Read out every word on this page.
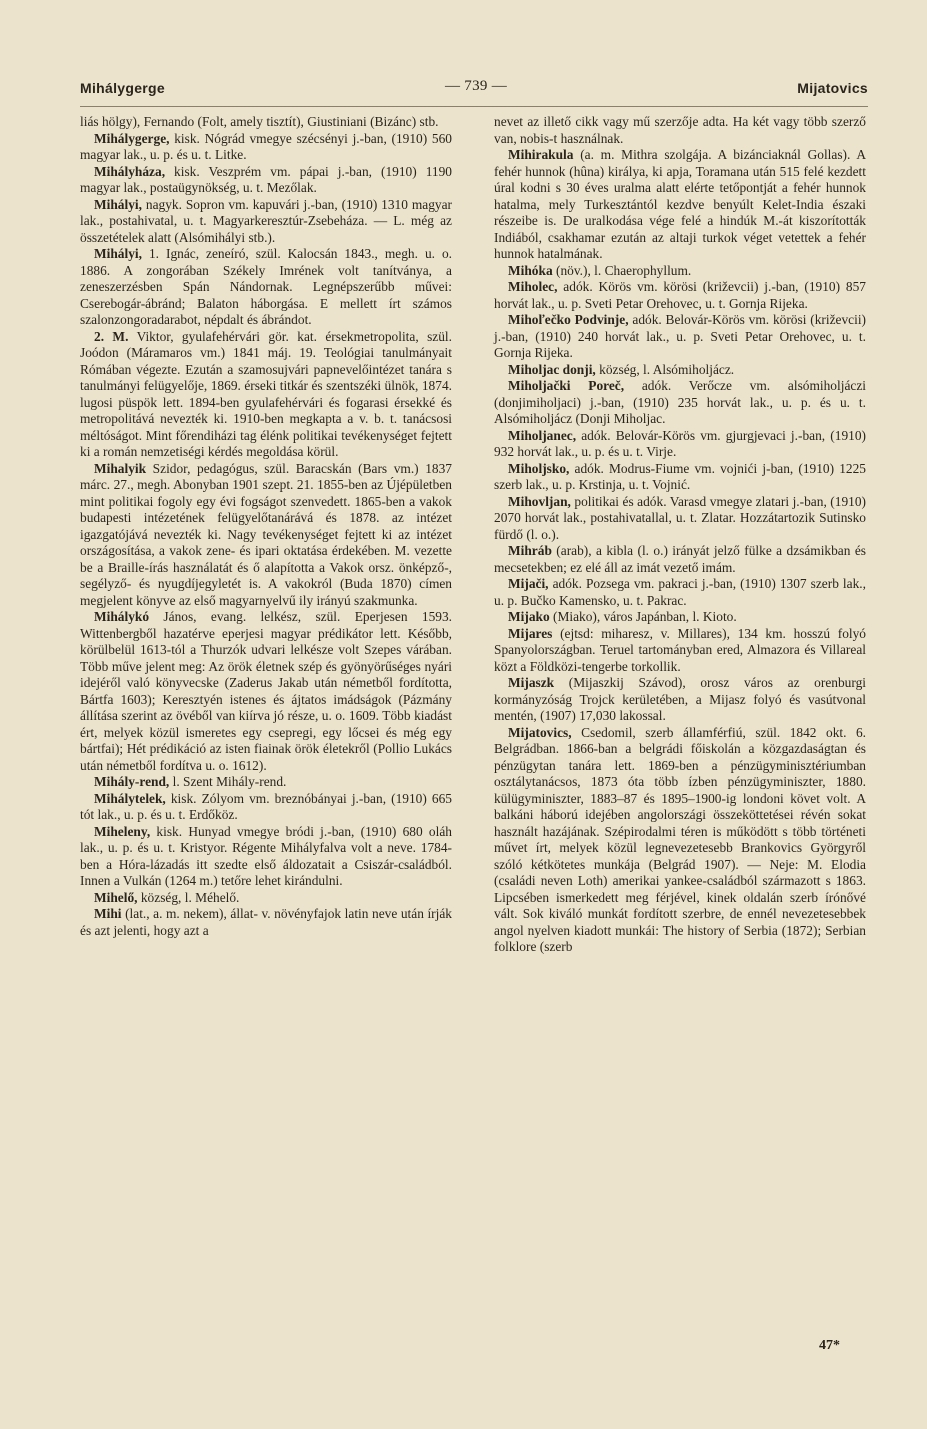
Mihálygerge	— 739 —	Mijatovics

liás hölgy), Fernando (Folt, amely tisztít), Giustiniani (Bizánc) stb.

Mihálygerge, kisk. Nógrád vmegye szécsényi j.-ban, (1910) 560 magyar lak., u. p. és u. t. Litke.

Mihályháza, kisk. Veszprém vm. pápai j.-ban, (1910) 1190 magyar lak., postaügynökség, u. t. Mezőlak.

Mihályi, nagyk. Sopron vm. kapuvári j.-ban, (1910) 1310 magyar lak., postahivatal, u. t. Magyarkeresztúr-Zsebeháza. — L. még az összetételek alatt (Alsómihályi stb.).

Mihályi, 1. Ignác, zeneíró, szül. Kalocsán 1843., megh. u. o. 1886. A zongorában Székely Imrének volt tanítványa, a zeneszerzésben Spán Nándornak. Legnépszerűbb művei: Cserebogár-ábránd; Balaton háborgása. E mellett írt számos szalonzongoradarabot, népdalt és ábrándot.

2. M. Viktor, gyulafehérvári gör. kat. érsekmetropolita, szül. Joódon (Máramaros vm.) 1841 máj. 19. Teológiai tanulmányait Rómában végezte. Ezután a szamosujvári papnevelőintézet tanára s tanulmányi felügyelője, 1869. érseki titkár és szentszéki ülnök, 1874. lugosi püspök lett. 1894-ben gyulafehérvári és fogarasi érsekké és metropolitává nevezték ki. 1910-ben megkapta a v. b. t. tanácsosi méltóságot. Mint főrendiházi tag élénk politikai tevékenységet fejtett ki a román nemzetiségi kérdés megoldása körül.

Mihalyik Szidor, pedagógus, szül. Baracskán (Bars vm.) 1837 márc. 27., megh. Abonyban 1901 szept. 21. 1855-ben az Újépületben mint politikai fogoly egy évi fogságot szenvedett. 1865-ben a vakok budapesti intézetének felügyelőtanárává és 1878. az intézet igazgatójává nevezték ki. Nagy tevékenységet fejtett ki az intézet országosítása, a vakok zene- és ipari oktatása érdekében. M. vezette be a Braille-írás használatát és ő alapította a Vakok orsz. önképző-, segélyző- és nyugdíjegyletét is. A vakokról (Buda 1870) címen megjelent könyve az első magyarnyelvű ily irányú szakmunka.

Mihálykó János, evang. lelkész, szül. Eperjesen 1593. Wittenbergből hazatérve eperjesi magyar prédikátor lett. Később, körülbelül 1613-tól a Thurzók udvari lelkésze volt Szepes várában. Több műve jelent meg: Az örök életnek szép és gyönyörűséges nyári idejéről való könyvecske (Zaderus Jakab után németből fordította, Bártfa 1603); Keresztyén istenes és ájtatos imádságok (Pázmány állítása szerint az övéből van kiírva jó része, u. o. 1609. Több kiadást ért, melyek közül ismeretes egy csepregi, egy lőcsei és még egy bártfai); Hét prédikáció az isten fiainak örök életekről (Pollio Lukács után németből fordítva u. o. 1612).

Mihály-rend, l. Szent Mihály-rend.

Mihálytelek, kisk. Zólyom vm. breznóbányai j.-ban, (1910) 665 tót lak., u. p. és u. t. Erdőköz.

Miheleny, kisk. Hunyad vmegye bródi j.-ban, (1910) 680 oláh lak., u. p. és u. t. Kristyor. Régente Mihályfalva volt a neve. 1784-ben a Hóra-lázadás itt szedte első áldozatait a Csiszár-családból. Innen a Vulkán (1264 m.) tetőre lehet kirándulni.

Mihelő, község, l. Méhelő.

Mihi (lat., a. m. nekem), állat- v. növényfajok latin neve után írják és azt jelenti, hogy azt a

nevet az illető cikk vagy mű szerzője adta. Ha két vagy több szerző van, nobis-t használnak.

Mihirakula (a. m. Mithra szolgája. A bizánciaknál Gollas). A fehér hunnok (hûna) királya, ki apja, Toramana után 515 felé kezdett úral kodni s 30 éves uralma alatt elérte tetőpontját a fehér hunnok hatalma, mely Turkesztántól kezdve benyúlt Kelet-India északi részeibe is. De uralkodása vége felé a hindúk M.-át kiszorították Indiából, csakhamar ezután az altaji turkok véget vetettek a fehér hunnok hatalmának.

Mihóka (növ.), l. Chaerophyllum.

Miholec, adók. Körös vm. körösi (križevcii) j.-ban, (1910) 857 horvát lak., u. p. Sveti Petar Orehovec, u. t. Gornja Rijeka.

Mihoľečko Podvinje, adók. Belovár-Körös vm. körösi (križevcii) j.-ban, (1910) 240 horvát lak., u. p. Sveti Petar Orehovec, u. t. Gornja Rijeka.

Miholjac donji, község, l. Alsómiholjácz.

Miholjački Poreč, adók. Verőcze vm. alsómiholjáczi (donjimiholjaci) j.-ban, (1910) 235 horvát lak., u. p. és u. t. Alsómiholjácz (Donji Miholjac.

Miholjanec, adók. Belovár-Körös vm. gjurgjevaci j.-ban, (1910) 932 horvát lak., u. p. és u. t. Virje.

Miholjsko, adók. Modrus-Fiume vm. vojnići j-ban, (1910) 1225 szerb lak., u. p. Krstinja, u. t. Vojnić.

Mihovljan, politikai és adók. Varasd vmegye zlatari j.-ban, (1910) 2070 horvát lak., postahivatallal, u. t. Zlatar. Hozzátartozik Sutinsko fürdő (l. o.).

Mihráb (arab), a kibla (l. o.) irányát jelző fülke a dzsámikban és mecsetekben; ez elé áll az imát vezető imám.

Mijači, adók. Pozsega vm. pakraci j.-ban, (1910) 1307 szerb lak., u. p. Bučko Kamensko, u. t. Pakrac.

Mijako (Miako), város Japánban, l. Kioto.

Mijares (ejtsd: miharesz, v. Millares), 134 km. hosszú folyó Spanyolországban. Teruel tartományban ered, Almazora és Villareal közt a Földközi-tengerbe torkollik.

Mijaszk (Mijaszkij Szávod), orosz város az orenburgi kormányzóság Trojck kerületében, a Mijasz folyó és vasútvonal mentén, (1907) 17,030 lakossal.

Mijatovics, Csedomil, szerb államférfiú, szül. 1842 okt. 6. Belgrádban. 1866-ban a belgrádi főiskolán a közgazdaságtan és pénzügytan tanára lett. 1869-ben a pénzügyminisztériumban osztálytanácsos, 1873 óta több ízben pénzügyminiszter, 1880. külügyminiszter, 1883–87 és 1895–1900-ig londoni követ volt. A balkáni háború idejében angolországi összeköttetései révén sokat használt hazájának. Szépirodalmi téren is működött s több történeti művet írt, melyek közül legnevezetesebb Brankovics Györgyről szóló kétkötetes munkája (Belgrád 1907). — Neje: M. Elodia (családi neven Loth) amerikai yankee-családból származott s 1863. Lipcsében ismerkedett meg férjével, kinek oldalán szerb írónővé vált. Sok kiváló munkát fordított szerbre, de ennél nevezetesebbek angol nyelven kiadott munkái: The history of Serbia (1872); Serbian folklore (szerb

47*
